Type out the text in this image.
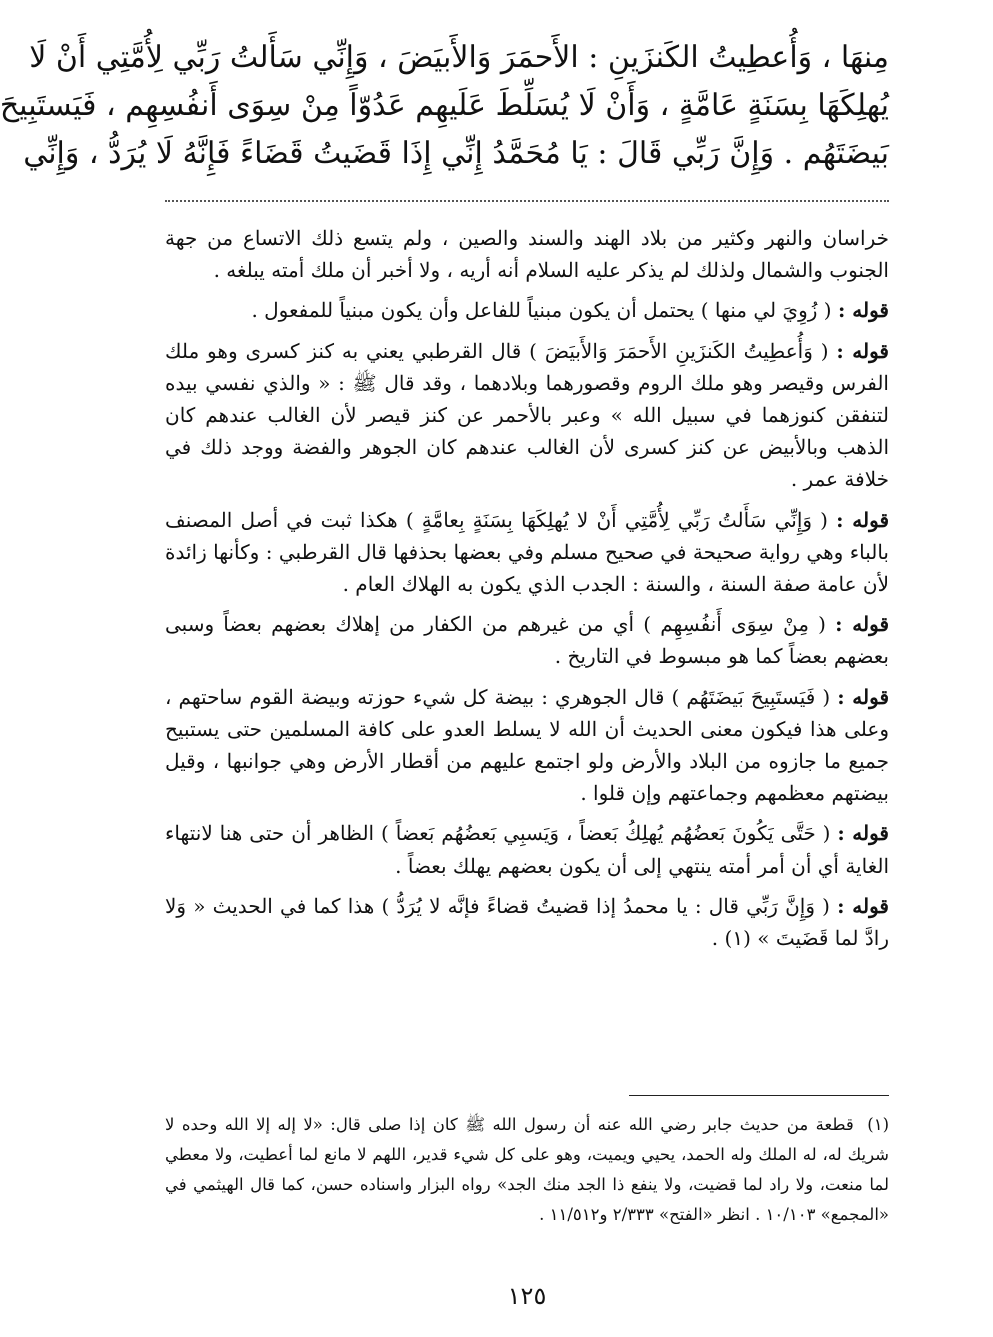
مِنهَا ، وَأُعطِيتُ الكَنزَينِ : الأَحمَرَ وَالأَبيَضَ ، وَإِنِّي سَأَلتُ رَبِّي لِأُمَّتِي أَنْ لَا
يُهلِكَهَا بِسَنَةٍ عَامَّةٍ ، وَأَنْ لَا يُسَلِّطَ عَلَيهِم عَدُوّاً مِنْ سِوَى أَنفُسِهِم ، فَيَستَبِيحَ
بَيضَتَهُم . وَإِنَّ رَبِّي قَالَ : يَا مُحَمَّدُ إِنِّي إِذَا قَضَيتُ قَضَاءً فَإِنَّهُ لَا يُرَدُّ ، وَإِنِّي

خراسان والنهر وكثير من بلاد الهند والسند والصين ، ولم يتسع ذلك الاتساع من جهة الجنوب والشمال ولذلك لم يذكر عليه السلام أنه أريه ، ولا أخبر أن ملك أمته يبلغه .

قوله : ( زُوِيَ لي منها ) يحتمل أن يكون مبنياً للفاعل وأن يكون مبنياً للمفعول .

قوله : ( وَأُعطِيتُ الكَنزَينِ الأَحمَرَ وَالأَبيَضَ ) قال القرطبي يعني به كنز كسرى وهو ملك الفرس وقيصر وهو ملك الروم وقصورهما وبلادهما ، وقد قال ﷺ : « والذي نفسي بيده لتنفقن كنوزهما في سبيل الله » وعبر بالأحمر عن كنز قيصر لأن الغالب عندهم كان الذهب وبالأبيض عن كنز كسرى لأن الغالب عندهم كان الجوهر والفضة ووجد ذلك في خلافة عمر .

قوله : ( وَإِنِّي سَأَلتُ رَبِّي لِأُمَّتِي أَنْ لا يُهلِكَهَا بِسَنَةٍ بِعامَّةٍ ) هكذا ثبت في أصل المصنف بالباء وهي رواية صحيحة في صحيح مسلم وفي بعضها بحذفها قال القرطبي : وكأنها زائدة لأن عامة صفة السنة ، والسنة : الجدب الذي يكون به الهلاك العام .

قوله : ( مِنْ سِوَى أَنفُسِهِم ) أي من غيرهم من الكفار من إهلاك بعضهم بعضاً وسبى بعضهم بعضاً كما هو مبسوط في التاريخ .

قوله : ( فَيَستَبِيحَ بَيضَتَهُم ) قال الجوهري : بيضة كل شيء حوزته وبيضة القوم ساحتهم ، وعلى هذا فيكون معنى الحديث أن الله لا يسلط العدو على كافة المسلمين حتى يستبيح جميع ما جازوه من البلاد والأرض ولو اجتمع عليهم من أقطار الأرض وهي جوانبها ، وقيل بيضتهم معظمهم وجماعتهم وإن قلوا .

قوله : ( حَتَّى يَكُونَ بَعضُهُم يُهلِكُ بَعضاً ، وَيَسبِي بَعضُهُم بَعضاً ) الظاهر أن حتى هنا لانتهاء الغاية أي أن أمر أمته ينتهي إلى أن يكون بعضهم يهلك بعضاً .

قوله : ( وَإِنَّ رَبِّي قال : يا محمدُ إذا قضيتُ قضاءً فإنَّه لا يُرَدُّ ) هذا كما في الحديث « وَلا رادَّ لما قَضَيتَ » (١) .

(١) قطعة من حديث جابر رضي الله عنه أن رسول الله ﷺ كان إذا صلى قال: «لا إله إلا الله وحده لا شريك له، له الملك وله الحمد، يحيي ويميت، وهو على كل شيء قدير، اللهم لا مانع لما أعطيت، ولا معطي لما منعت، ولا راد لما قضيت، ولا ينفع ذا الجد منك الجد» رواه البزار واسناده حسن، كما قال الهيثمي في «المجمع» ١٠/١٠٣ . انظر «الفتح» ٢/٣٣٣ و١١/٥١٢ .
١٢٥
